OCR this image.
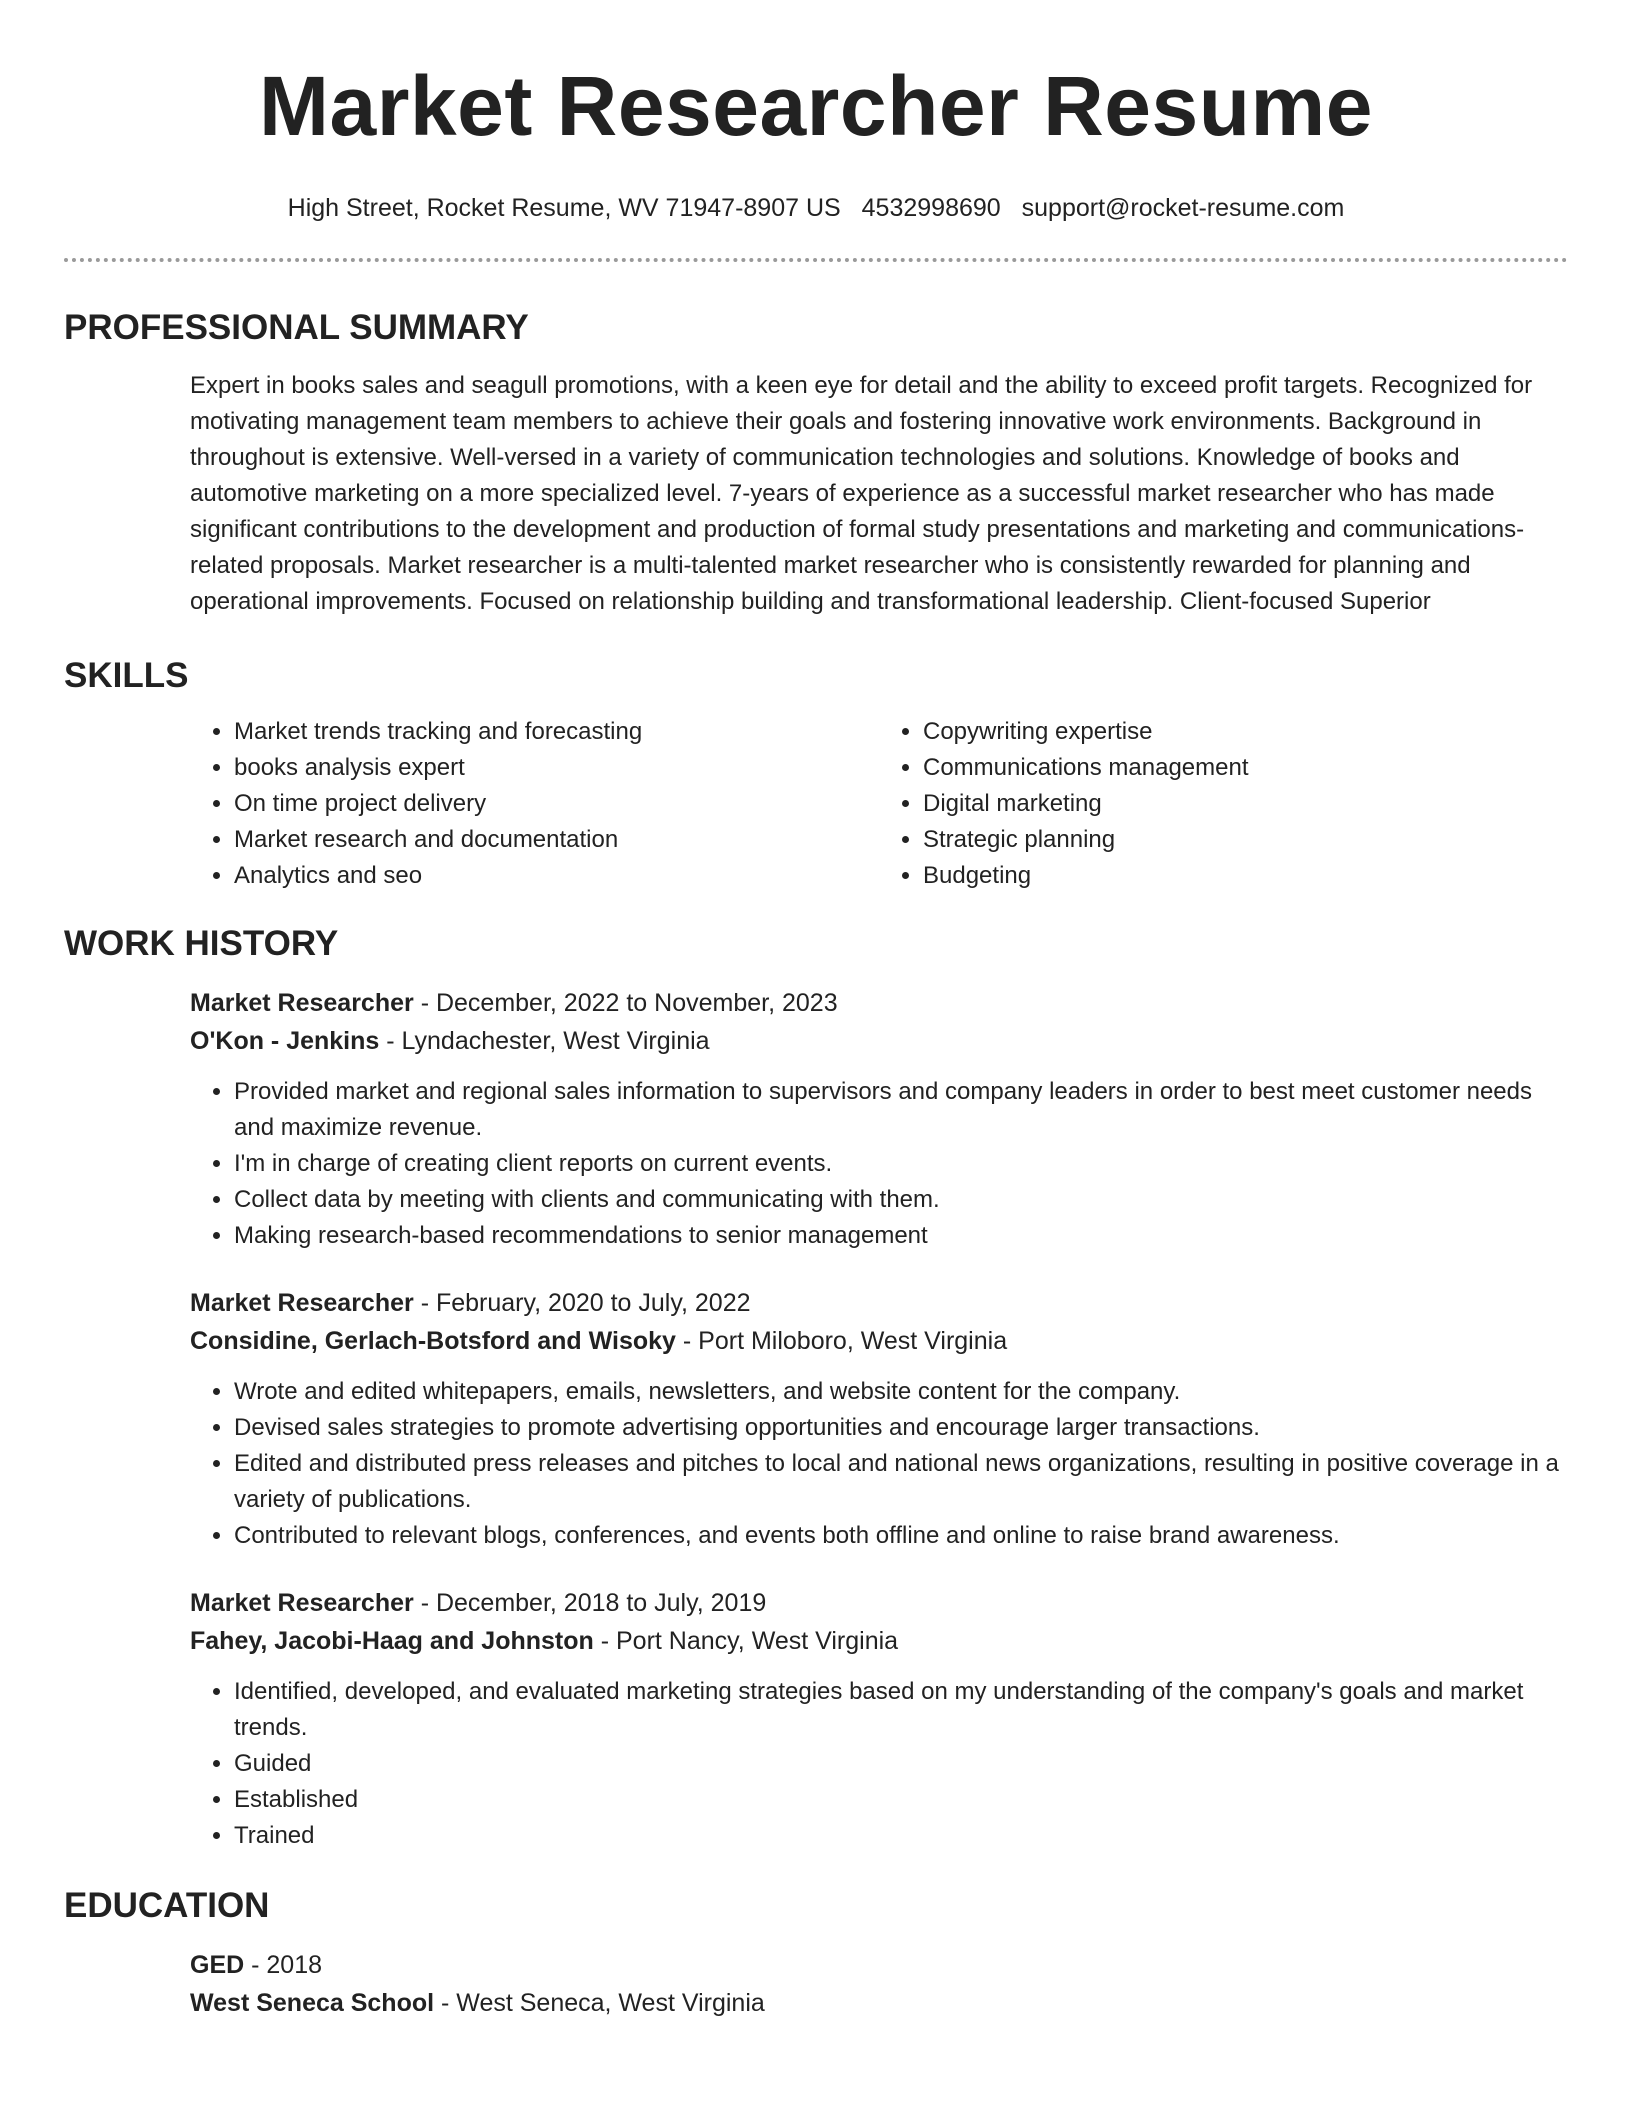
Market Researcher Resume
High Street, Rocket Resume, WV 71947-8907 US 4532998690 support@rocket-resume.com
PROFESSIONAL SUMMARY
Expert in books sales and seagull promotions, with a keen eye for detail and the ability to exceed profit targets. Recognized for motivating management team members to achieve their goals and fostering innovative work environments. Background in throughout is extensive. Well-versed in a variety of communication technologies and solutions. Knowledge of books and automotive marketing on a more specialized level. 7-years of experience as a successful market researcher who has made significant contributions to the development and production of formal study presentations and marketing and communications-related proposals. Market researcher is a multi-talented market researcher who is consistently rewarded for planning and operational improvements. Focused on relationship building and transformational leadership. Client-focused Superior
SKILLS
• Market trends tracking and forecasting
• books analysis expert
• On time project delivery
• Market research and documentation
• Analytics and seo
• Copywriting expertise
• Communications management
• Digital marketing
• Strategic planning
• Budgeting
WORK HISTORY
Market Researcher - December, 2022 to November, 2023
O'Kon - Jenkins - Lyndachester, West Virginia
• Provided market and regional sales information to supervisors and company leaders in order to best meet customer needs and maximize revenue.
• I'm in charge of creating client reports on current events.
• Collect data by meeting with clients and communicating with them.
• Making research-based recommendations to senior management
Market Researcher - February, 2020 to July, 2022
Considine, Gerlach-Botsford and Wisoky - Port Miloboro, West Virginia
• Wrote and edited whitepapers, emails, newsletters, and website content for the company.
• Devised sales strategies to promote advertising opportunities and encourage larger transactions.
• Edited and distributed press releases and pitches to local and national news organizations, resulting in positive coverage in a variety of publications.
• Contributed to relevant blogs, conferences, and events both offline and online to raise brand awareness.
Market Researcher - December, 2018 to July, 2019
Fahey, Jacobi-Haag and Johnston - Port Nancy, West Virginia
• Identified, developed, and evaluated marketing strategies based on my understanding of the company's goals and market trends.
• Guided
• Established
• Trained
EDUCATION
GED - 2018
West Seneca School - West Seneca, West Virginia
